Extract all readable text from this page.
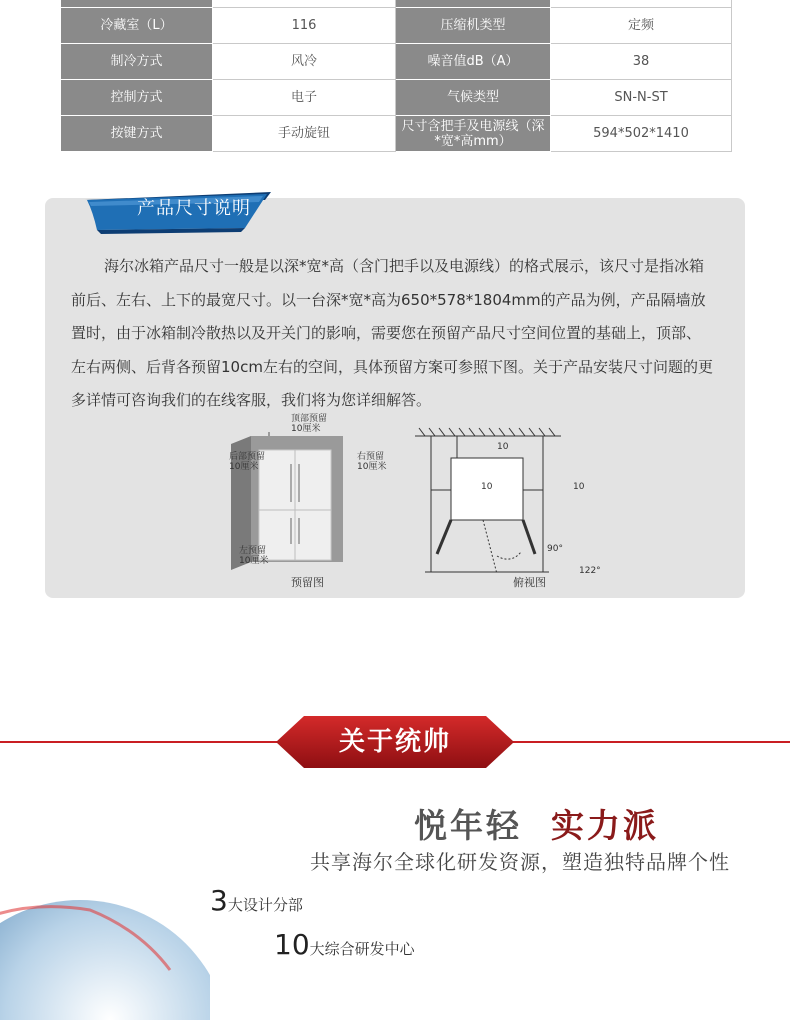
冷藏室（L）	116	压缩机类型	定频
制冷方式	风冷	噪音值dB（A）	38
控制方式	电子	气候类型	SN-N-ST
按键方式	手动旋钮	尺寸含把手及电源线（深*宽*高mm）	594*502*1410
产品尺寸说明
海尔冰箱产品尺寸一般是以深*宽*高（含门把手以及电源线）的格式展示，该尺寸是指冰箱前后、左右、上下的最宽尺寸。以一台深*宽*高为650*578*1804mm的产品为例，产品隔墙放置时，由于冰箱制冷散热以及开关门的影响，需要您在预留产品尺寸空间位置的基础上，顶部、左右两侧、后背各预留10cm左右的空间，具体预留方案可参照下图。关于产品安装尺寸问题的更多详情可咨询我们的在线客服，我们将为您详细解答。
顶部预留
10厘米
后部预留
10厘米
右预留
10厘米
左预留
10厘米
预留图
10
10	10
90°
122°
俯视图
关于统帅
悦年轻 实力派
共享海尔全球化研发资源，塑造独特品牌个性
3大设计分部
10大综合研发中心
